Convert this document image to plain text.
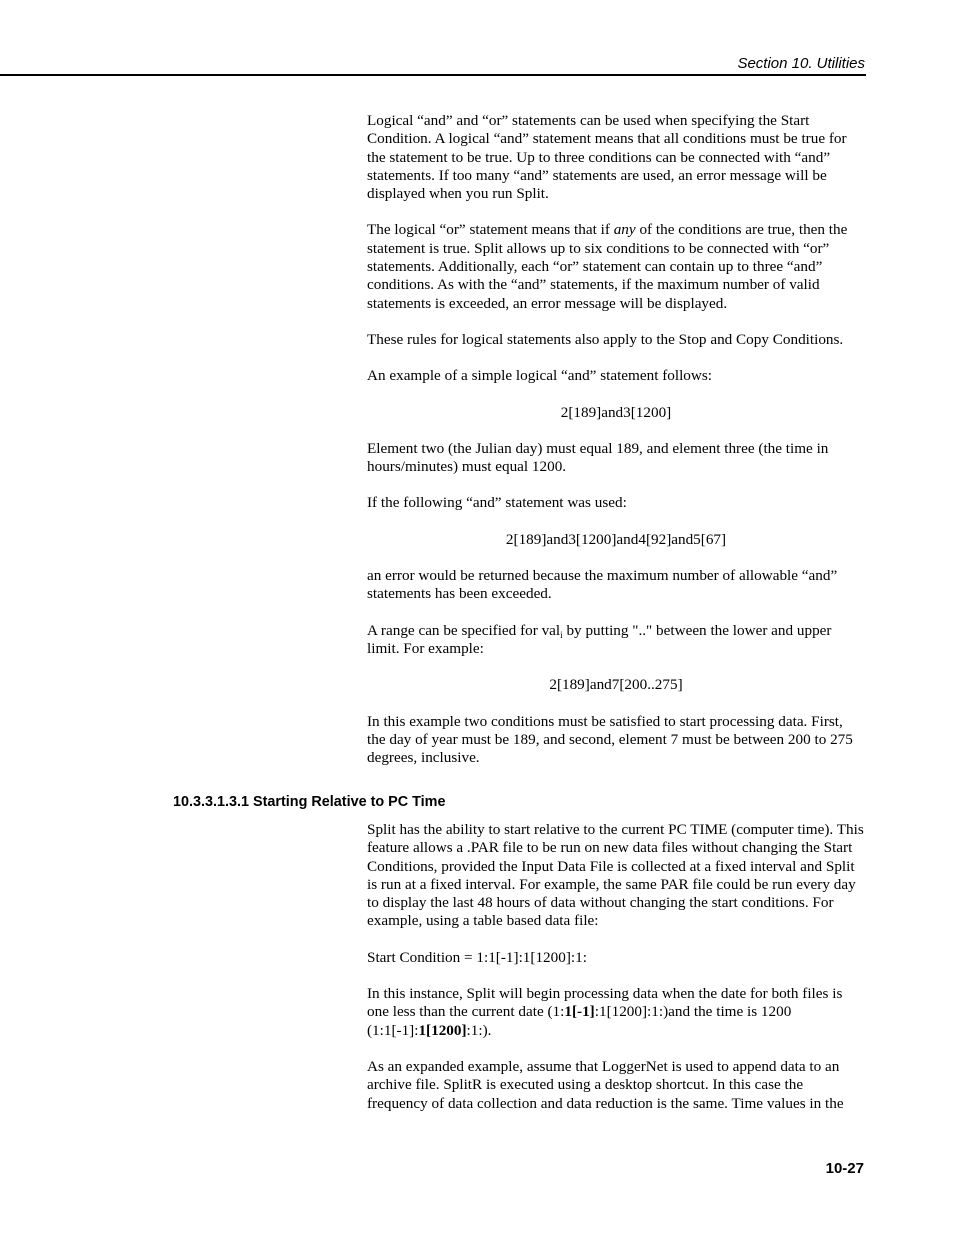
Section 10. Utilities

Logical “and” and “or” statements can be used when specifying the Start Condition. A logical “and” statement means that all conditions must be true for the statement to be true. Up to three conditions can be connected with “and” statements. If too many “and” statements are used, an error message will be displayed when you run Split.

The logical “or” statement means that if any of the conditions are true, then the statement is true. Split allows up to six conditions to be connected with “or” statements. Additionally, each “or” statement can contain up to three “and” conditions. As with the “and” statements, if the maximum number of valid statements is exceeded, an error message will be displayed.

These rules for logical statements also apply to the Stop and Copy Conditions.

An example of a simple logical “and” statement follows:

2[189]and3[1200]

Element two (the Julian day) must equal 189, and element three (the time in hours/minutes) must equal 1200.

If the following “and” statement was used:

2[189]and3[1200]and4[92]and5[67]

an error would be returned because the maximum number of allowable “and” statements has been exceeded.

A range can be specified for val$_i$ by putting ".." between the lower and upper limit. For example:

2[189]and7[200..275]

In this example two conditions must be satisfied to start processing data. First, the day of year must be 189, and second, element 7 must be between 200 to 275 degrees, inclusive.

10.3.3.1.3.1 Starting Relative to PC Time

Split has the ability to start relative to the current PC TIME (computer time). This feature allows a .PAR file to be run on new data files without changing the Start Conditions, provided the Input Data File is collected at a fixed interval and Split is run at a fixed interval. For example, the same PAR file could be run every day to display the last 48 hours of data without changing the start conditions. For example, using a table based data file:

Start Condition = 1:1[-1]:1[1200]:1:

In this instance, Split will begin processing data when the date for both files is one less than the current date (1:1[-1]:1[1200]:1:)and the time is 1200 (1:1[-1]:1[1200]:1:).

As an expanded example, assume that LoggerNet is used to append data to an archive file. SplitR is executed using a desktop shortcut. In this case the frequency of data collection and data reduction is the same. Time values in the

10-27
